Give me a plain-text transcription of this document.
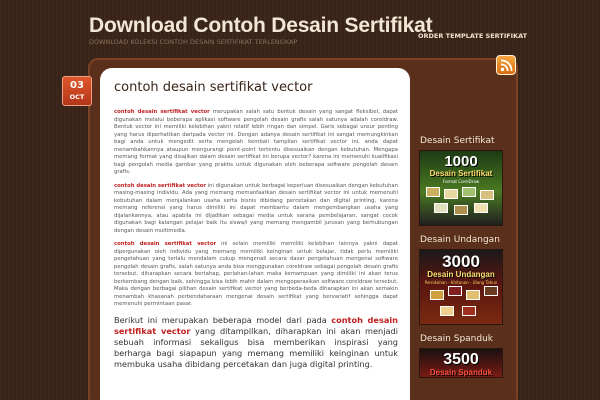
Download Contoh Desain Sertifikat
DOWNLOAD KOLEKSI CONTOH DESAIN SERTIFIKAT TERLENGKAP
ORDER TEMPLATE SERTIFIKAT
03
OCT
contoh desain sertifikat vector

contoh desain sertifikat vector merupakan salah satu bentuk desain yang sangat fleksibel, dapat digunakan melalui beberapa aplikasi software pengolah desain grafis salah satunya adalah coreldraw. Bentuk vector ini memiliki kelebihan yakni relatif lebih ringan dan simpel. Garis sebagai unsur penting yang harus diperhatikan daripada vector ini. Dengan adanya desain sertifikat ini sangat memungkinkan bagi anda untuk mengedit serta mengolah kembali tampilan sertifikat vector ini, anda dapat menambahkannya ataupun mengurangi point-point tertentu disesuaikan dengan kebutuhan. Mengapa memang format yang disajikan dalam desain sertifikat ini berupa vector? karena ini memenuhi kualifikasi bagi pengolah media gambar yang praktis untuk digunakan oleh beberapa software pengolah desain grafis.

contoh desain sertifikat vector ini digunakan untuk berbagai keperluan disesuaikan dengan kebutuhan masing-masing individu. Ada yang memang memanfaatkan desain sertifikat vector ini untuk memenuhi kebutuhan dalam menjalankan usaha serta bisnis dibidang percetakan dan digital printing, karena memang referensi yang harus dimiliki ini dapat membantu dalam mengembangkan usaha yang dijalankannya, atau apabila ini dijadikan sebagai media untuk sarana pembelajaran, sangat cocok digunakan bagi kalangan pelajar baik itu siswa/i yang memang mengambil jurusan yang berhubungan dengan desain multimedia.

contoh desain sertifikat vector ini selain memiliki memiliki kelebihan lainnya yakni dapat dipergunakan oleh individu yang memang memiliki keinginan untuk belajar, tidak perlu memiliki pengetahuan yang terlalu mendalam cukup mengenali secara dasar pengetahuan mengenai software pengolah desain grafis, salah satunya anda bisa menggunakan coreldraw sebagai pengolah desain grafis tersebut, diharapkan secara bertahap, perlahan-lahan maka kemampuan yang dimiliki ini akan terus berkembang dengan baik, sehingga bisa lebih mahir dalam mengoperasikan software coreldraw tersebut. Maka dengan berbagai pilihan desain sertifikat vector yang berbeda-beda diharapkan ini akan semakin menambah khasanah perbendaharaan mengenai desain sertifikat yang bervariatif sehingga dapat memenuhi permintaan pasar.

Berikut ini merupakan beberapa model dari pada contoh desain sertifikat vector yang ditampilkan, diharapkan ini akan menjadi sebuah informasi sekaligus bisa memberikan inspirasi yang berharga bagi siapapun yang memang memiliki keinginan untuk membuka usaha dibidang percetakan dan juga digital printing.

Desain Sertifikat
1000
Desain Sertifikat
Format CorelDraw
Desain Undangan
3000
Desain Undangan
Pernikahan - Khitanan - Ulang Tahun
Desain Spanduk
3500
Desain Spanduk
